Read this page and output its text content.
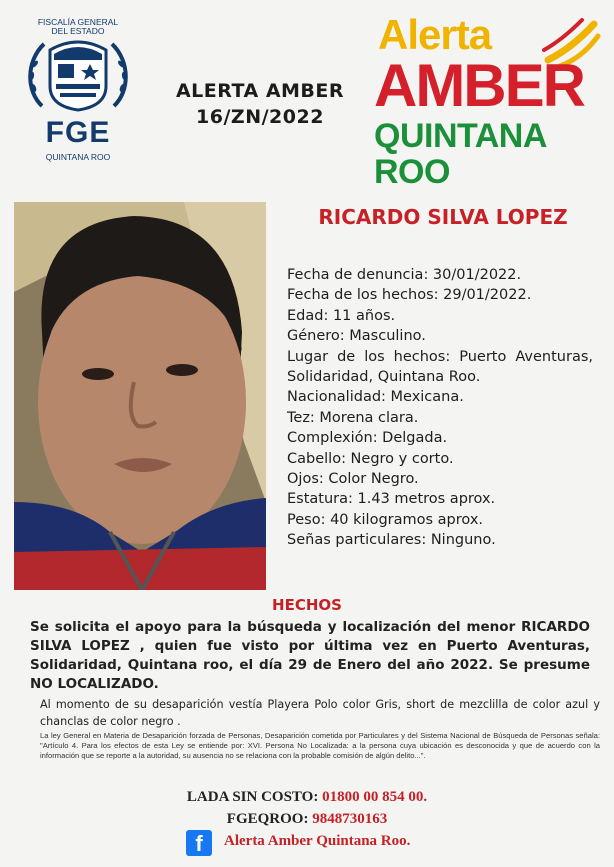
FISCALÍA GENERAL
DEL ESTADO
FGE
QUINTANA ROO
ALERTA AMBER
16/ZN/2022
Alerta
AMBER
QUINTANA ROO
RICARDO SILVA LOPEZ
Fecha de denuncia: 30/01/2022.
Fecha de los hechos: 29/01/2022.
Edad: 11 años.
Género: Masculino.
Lugar de los hechos: Puerto Aventuras, Solidaridad, Quintana Roo.
Nacionalidad: Mexicana.
Tez: Morena clara.
Complexión: Delgada.
Cabello: Negro y corto.
Ojos: Color Negro.
Estatura: 1.43 metros aprox.
Peso: 40 kilogramos aprox.
Señas particulares: Ninguno.
HECHOS
Se solicita el apoyo para la búsqueda y localización del menor RICARDO SILVA LOPEZ , quien fue visto por última vez en Puerto Aventuras, Solidaridad, Quintana roo, el día 29 de Enero del año 2022. Se presume NO LOCALIZADO.
Al momento de su desaparición vestía Playera Polo color Gris, short de mezclilla de color azul y chanclas de color negro .
La ley General en Materia de Desaparición forzada de Personas, Desaparición cometida por Particulares y del Sistema Nacional de Búsqueda de Personas señala: "Artículo 4. Para los efectos de esta Ley se entiende por: XVI. Persona No Localizada: a la persona cuya ubicación es desconocida y que de acuerdo con la información que se reporte a la autoridad, su ausencia no se relaciona con la probable comisión de algún delito...".
LADA SIN COSTO: 01800 00 854 00.
FGEQROO: 9848730163
f	Alerta Amber Quintana Roo.
